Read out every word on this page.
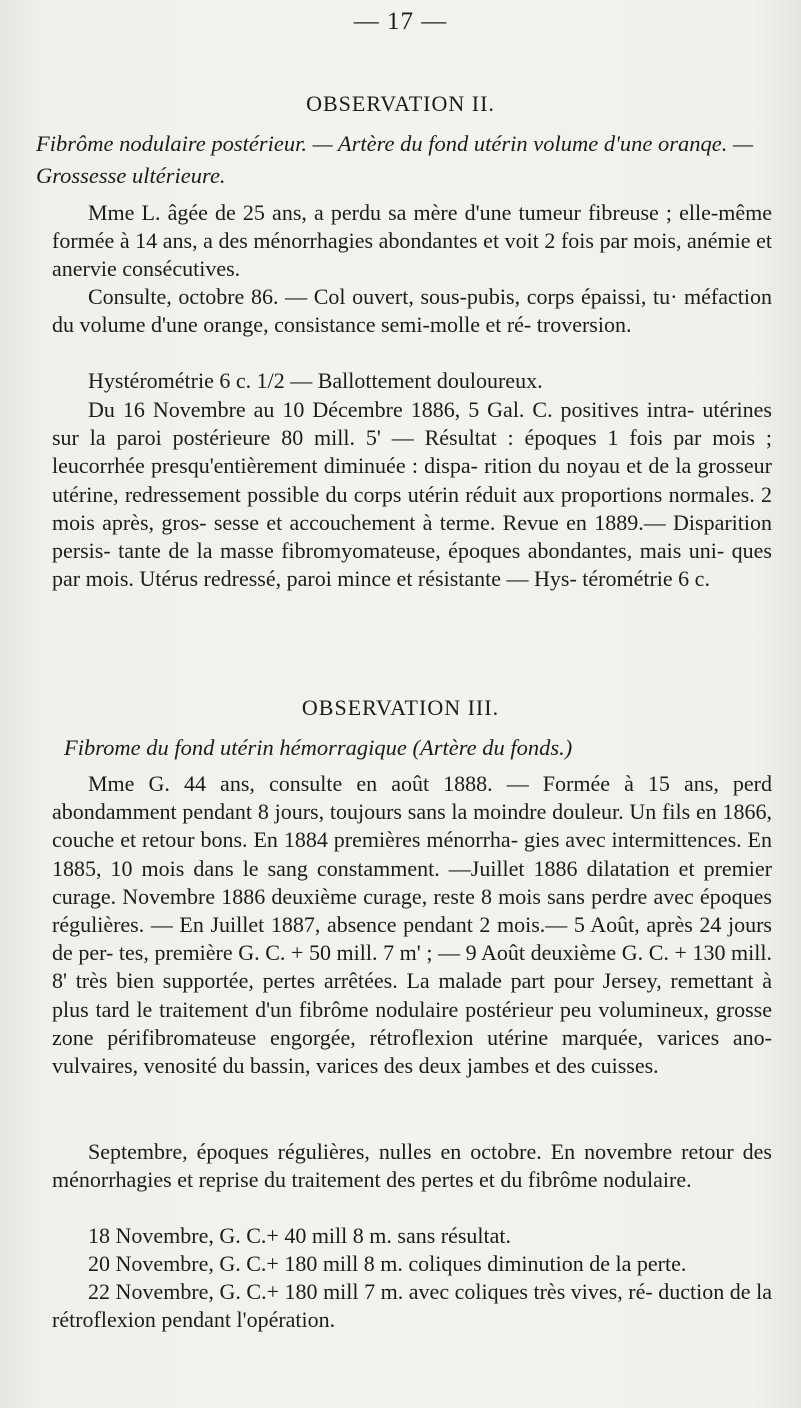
— 17 —
OBSERVATION II.
Fibrôme nodulaire postérieur. — Artère du fond utérin volume d'une oranqe. — Grossesse ultérieure.

Mme L. âgée de 25 ans, a perdu sa mère d'une tumeur fibreuse ; elle-même formée à 14 ans, a des ménorrhagies abondantes et voit 2 fois par mois, anémie et anervie consécutives.

Consulte, octobre 86. — Col ouvert, sous-pubis, corps épaissi, tu· méfaction du volume d'une orange, consistance semi-molle et ré- troversion.

Hystérométrie 6 c. 1/2 — Ballottement douloureux.

Du 16 Novembre au 10 Décembre 1886, 5 Gal. C. positives intra- utérines sur la paroi postérieure 80 mill. 5' — Résultat : époques 1 fois par mois ; leucorrhée presqu'entièrement diminuée : dispa- rition du noyau et de la grosseur utérine, redressement possible du corps utérin réduit aux proportions normales. 2 mois après, gros- sesse et accouchement à terme. Revue en 1889.— Disparition persis- tante de la masse fibromyomateuse, époques abondantes, mais uni- ques par mois. Utérus redressé, paroi mince et résistante — Hys- térométrie 6 c.

OBSERVATION III.
Fibrome du fond utérin hémorragique (Artère du fonds.)

Mme G. 44 ans, consulte en août 1888. — Formée à 15 ans, perd abondamment pendant 8 jours, toujours sans la moindre douleur. Un fils en 1866, couche et retour bons. En 1884 premières ménorrha- gies avec intermittences. En 1885, 10 mois dans le sang constamment. —Juillet 1886 dilatation et premier curage. Novembre 1886 deuxième curage, reste 8 mois sans perdre avec époques régulières. — En Juillet 1887, absence pendant 2 mois.— 5 Août, après 24 jours de per- tes, première G. C. + 50 mill. 7 m' ; — 9 Août deuxième G. C. + 130 mill. 8' très bien supportée, pertes arrêtées. La malade part pour Jersey, remettant à plus tard le traitement d'un fibrôme nodulaire postérieur peu volumineux, grosse zone périfibromateuse engorgée, rétroflexion utérine marquée, varices ano-vulvaires, venosité du bassin, varices des deux jambes et des cuisses.

Septembre, époques régulières, nulles en octobre. En novembre retour des ménorrhagies et reprise du traitement des pertes et du fibrôme nodulaire.

18 Novembre, G. C.+ 40 mill 8 m. sans résultat.

20 Novembre, G. C.+ 180 mill 8 m. coliques diminution de la perte.

22 Novembre, G. C.+ 180 mill 7 m. avec coliques très vives, ré- duction de la rétroflexion pendant l'opération.
